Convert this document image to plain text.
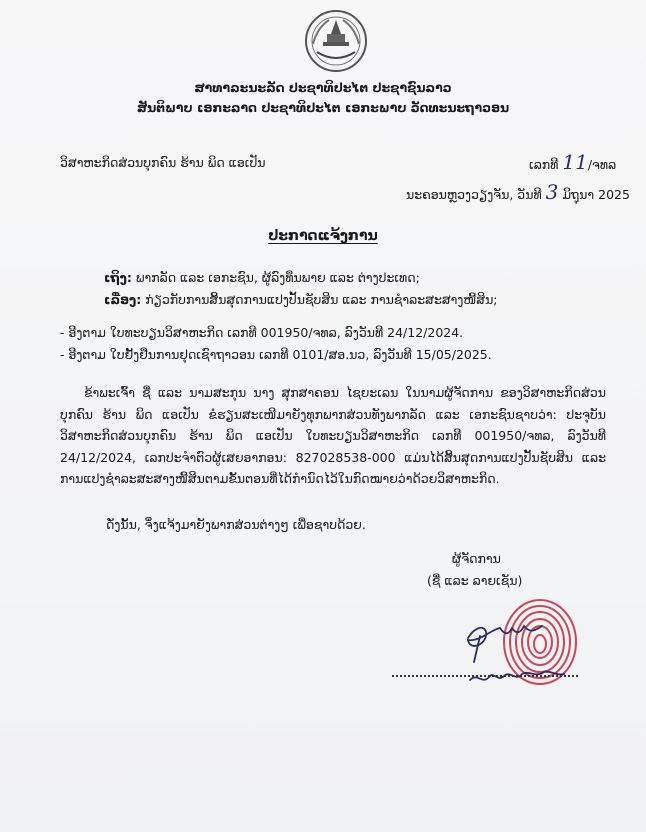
ສາທາລະນະລັດ ປະຊາທິປະໄຕ ປະຊາຊົນລາວ
ສັນຕິພາບ ເອກະລາດ ປະຊາທິປະໄຕ ເອກະພາບ ວັດທະນະຖາວອນ
ວິສາຫະກິດສ່ວນບຸກຄົນ ຮ້ານ ພິດ ແອເປັນ	ເລກທີ 11/ຈທລ
ນະຄອນຫຼວງວຽງຈັນ, ວັນທີ 3 ມິຖຸນາ 2025
ປະກາດແຈ້ງການ
ເຖິງ: ພາກລັດ ແລະ ເອກະຊົນ, ຜູ້ລົງທຶນພາຍ ແລະ ຕ່າງປະເທດ;
ເລື່ອງ: ກ່ຽວກັບການສິ້ນສຸດການແປງປັ້ນຊັບສິນ ແລະ ການຊໍາລະສະສາງໜີ້ສິນ;
- ອີງຕາມ ໃບທະບຽນວິສາຫະກິດ ເລກທີ 001950/ຈທລ, ລົງວັນທີ 24/12/2024.
- ອີງຕາມ ໃບຢັ້ງຢືນການຢຸດເຊົາຖາວອນ ເລກທີ 0101/ສອ.ນວ, ລົງວັນທີ 15/05/2025.
ຂ້າພະເຈົ້າ ຊື່ ແລະ ນາມສະກຸນ ນາງ ສຸກສາຄອນ ໄຊຍະເລນ ໃນນາມຜູ້ຈັດການ ຂອງວິສາຫະກິດສ່ວນບຸກຄົນ ຮ້ານ ພິດ ແອເປັນ ຂໍຮຽນສະເໜີມາຍັງທຸກພາກສ່ວນທັງພາກລັດ ແລະ ເອກະຊົນຊາບວ່າ: ປະຈຸບັນ ວິສາຫະກິດສ່ວນບຸກຄົນ ຮ້ານ ພິດ ແອເປັນ ໃບທະບຽນວິສາຫະກິດ ເລກທີ 001950/ຈທລ, ລົງວັນທີ 24/12/2024, ເລກປະຈໍາຕົວຜູ້ເສຍອາກອນ: 827028538-000 ແມ່ນໄດ້ສິ້ນສຸດການແປງປັ້ນຊັບສິນ ແລະ ການແປງຊໍາລະສະສາງໜີ້ສິນຕາມຂັ້ນຕອນທີ່ໄດ້ກໍານົດໄວ້ໃນກົດໝາຍວ່າດ້ວຍວິສາຫະກິດ.
ດັ່ງນັ້ນ, ຈຶ່ງແຈ້ງມາຍັງພາກສ່ວນຕ່າງໆ ເພື່ອຊາບດ້ວຍ.
ຜູ້ຈັດການ
(ຊື່ ແລະ ລາຍເຊັນ)
